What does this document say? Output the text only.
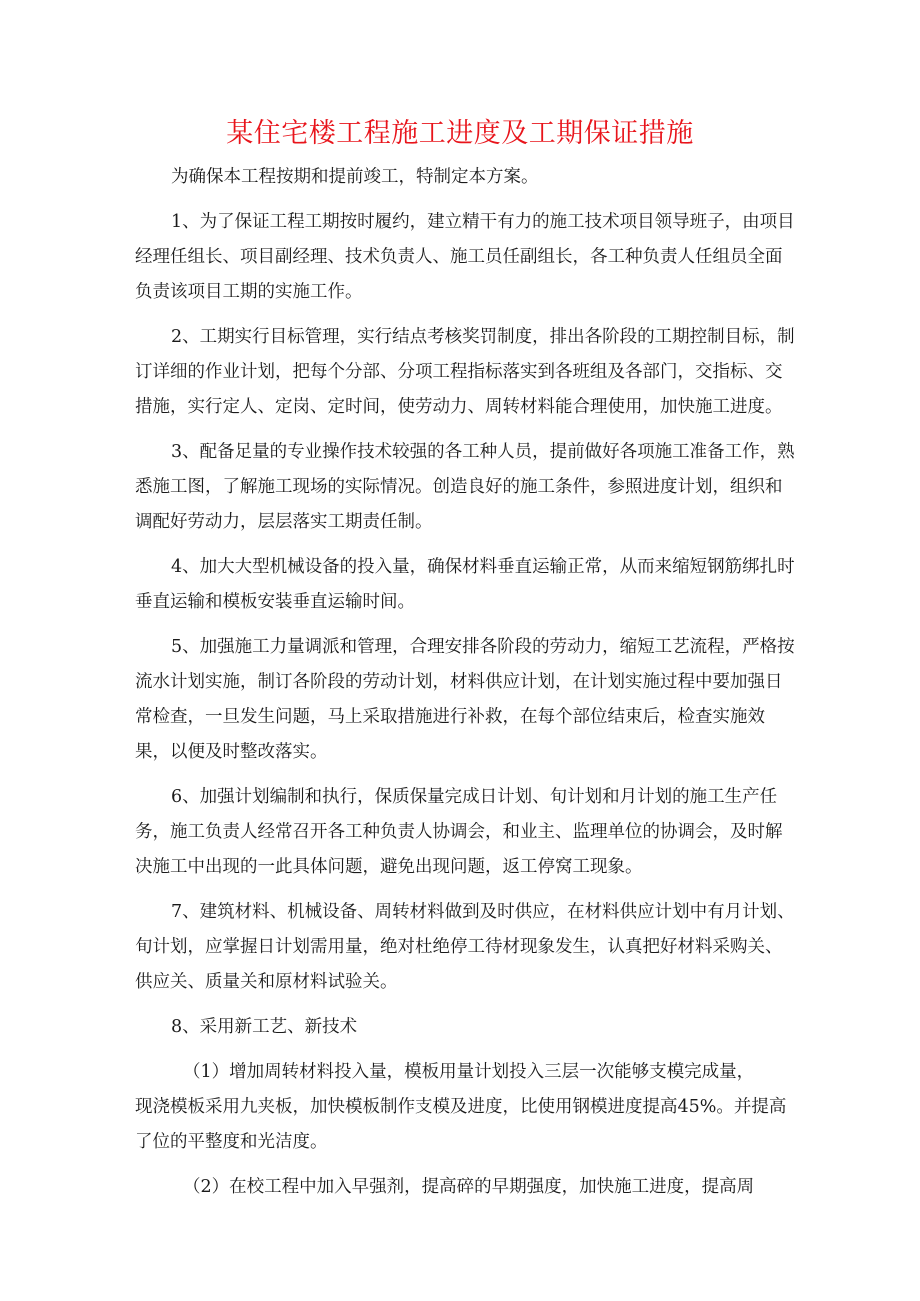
某住宅楼工程施工进度及工期保证措施

为确保本工程按期和提前竣工，特制定本方案。

1、为了保证工程工期按时履约，建立精干有力的施工技术项目领导班子，由项目经理任组长、项目副经理、技术负责人、施工员任副组长，各工种负责人任组员全面负责该项目工期的实施工作。

2、工期实行目标管理，实行结点考核奖罚制度，排出各阶段的工期控制目标，制订详细的作业计划，把每个分部、分项工程指标落实到各班组及各部门，交指标、交措施，实行定人、定岗、定时间，使劳动力、周转材料能合理使用，加快施工进度。

3、配备足量的专业操作技术较强的各工种人员，提前做好各项施工准备工作，熟悉施工图，了解施工现场的实际情况。创造良好的施工条件，参照进度计划，组织和调配好劳动力，层层落实工期责任制。

4、加大大型机械设备的投入量，确保材料垂直运输正常，从而来缩短钢筋绑扎时垂直运输和模板安装垂直运输时间。

5、加强施工力量调派和管理，合理安排各阶段的劳动力，缩短工艺流程，严格按流水计划实施，制订各阶段的劳动计划，材料供应计划，在计划实施过程中要加强日常检查，一旦发生问题，马上采取措施进行补救，在每个部位结束后，检查实施效果，以便及时整改落实。

6、加强计划编制和执行，保质保量完成日计划、旬计划和月计划的施工生产任务，施工负责人经常召开各工种负责人协调会，和业主、监理单位的协调会，及时解决施工中出现的一此具体问题，避免出现问题，返工停窝工现象。

7、建筑材料、机械设备、周转材料做到及时供应，在材料供应计划中有月计划、旬计划，应掌握日计划需用量，绝对杜绝停工待材现象发生，认真把好材料采购关、供应关、质量关和原材料试验关。

8、采用新工艺、新技术

（1）增加周转材料投入量，模板用量计划投入三层一次能够支模完成量，
现浇模板采用九夹板，加快模板制作支模及进度，比使用钢模进度提高45%。并提高了位的平整度和光洁度。
（2）在校工程中加入早强剂，提高碎的早期强度，加快施工进度，提高周
